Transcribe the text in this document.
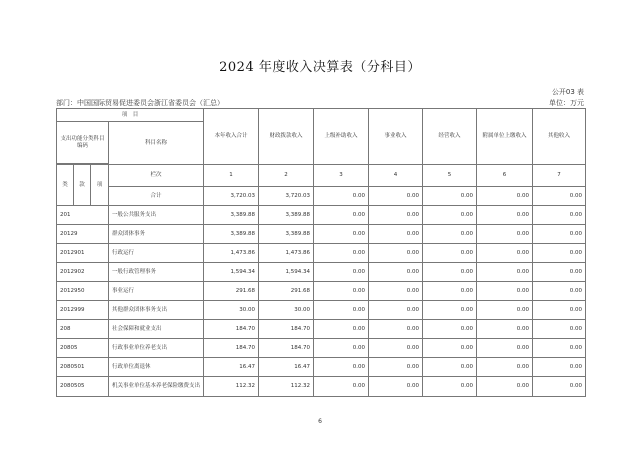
2024 年度收入决算表（分科目）
公开03 表
部门：中国国际贸易促进委员会浙江省委员会（汇总）	单位：万元
项　目				本年收入合计	财政拨款收入	上级补助收入	事业收入	经营收入	附属单位上缴收入	其他收入
支出功能分类科目编码			科目名称							

类	款	项	栏次	1	2	3	4	5	6	7
			合计	3,720.03	3,720.03	0.00	0.00	0.00	0.00	0.00
201			一般公共服务支出	3,389.88	3,389.88	0.00	0.00	0.00	0.00	0.00
20129			群众团体事务	3,389.88	3,389.88	0.00	0.00	0.00	0.00	0.00
2012901			行政运行	1,473.86	1,473.86	0.00	0.00	0.00	0.00	0.00
2012902			一般行政管理事务	1,594.34	1,594.34	0.00	0.00	0.00	0.00	0.00
2012950			事业运行	291.68	291.68	0.00	0.00	0.00	0.00	0.00
2012999			其他群众团体事务支出	30.00	30.00	0.00	0.00	0.00	0.00	0.00
208			社会保障和就业支出	184.70	184.70	0.00	0.00	0.00	0.00	0.00
20805			行政事业单位养老支出	184.70	184.70	0.00	0.00	0.00	0.00	0.00
2080501			行政单位离退休	16.47	16.47	0.00	0.00	0.00	0.00	0.00
2080505			机关事业单位基本养老保险缴费支出	112.32	112.32	0.00	0.00	0.00	0.00	0.00
6
